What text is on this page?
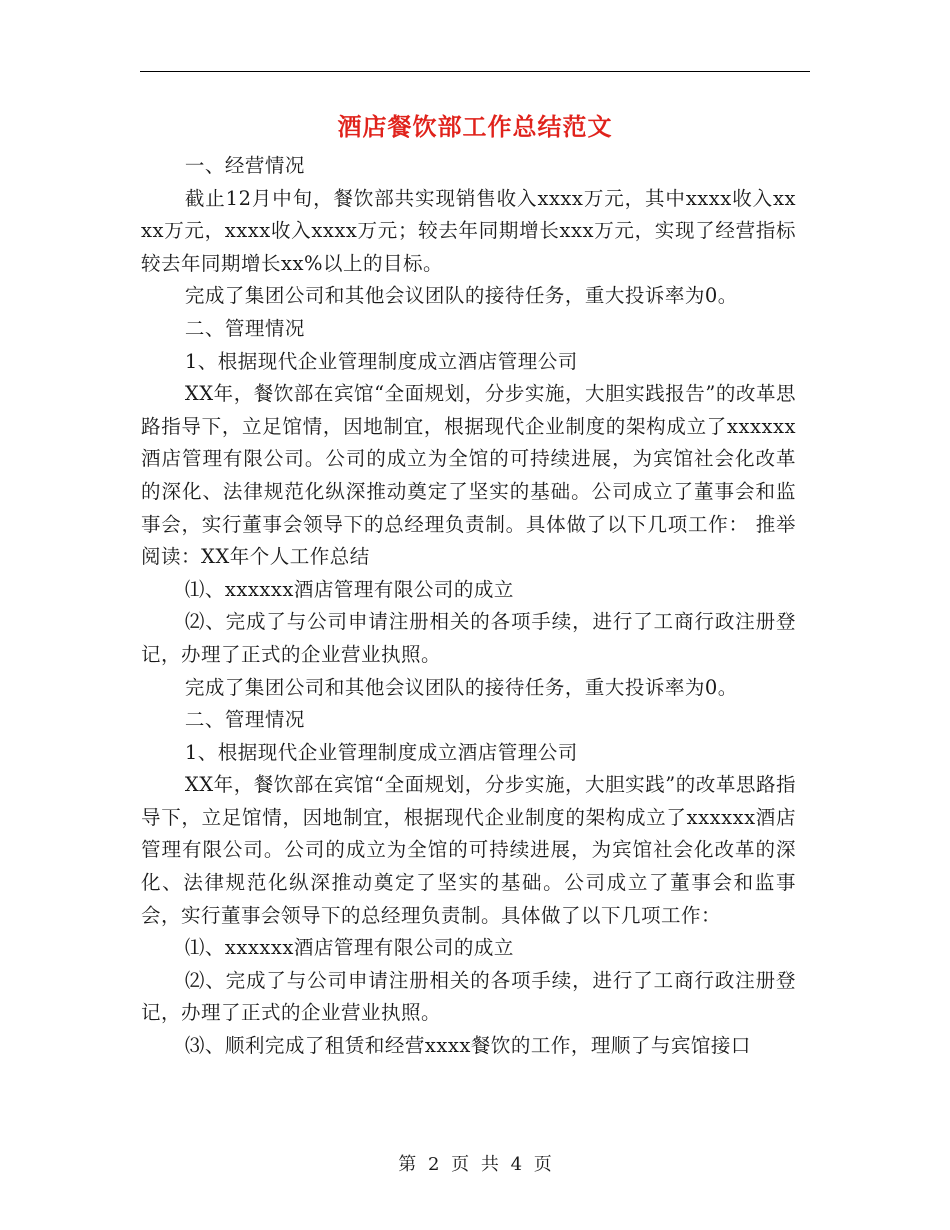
酒店餐饮部工作总结范文

一、经营情况

截止12月中旬，餐饮部共实现销售收入xxxx万元，其中xxxx收入xxxx万元，xxxx收入xxxx万元；较去年同期增长xxx万元，实现了经营指标较去年同期增长xx%以上的目标。

完成了集团公司和其他会议团队的接待任务，重大投诉率为0。

二、管理情况

1、根据现代企业管理制度成立酒店管理公司

XX年，餐饮部在宾馆“全面规划，分步实施，大胆实践报告”的改革思路指导下，立足馆情，因地制宜，根据现代企业制度的架构成立了xxxxxx酒店管理有限公司。公司的成立为全馆的可持续进展，为宾馆社会化改革的深化、法律规范化纵深推动奠定了坚实的基础。公司成立了董事会和监事会，实行董事会领导下的总经理负责制。具体做了以下几项工作： 推举阅读：XX年个人工作总结

⑴、xxxxxx酒店管理有限公司的成立

⑵、完成了与公司申请注册相关的各项手续，进行了工商行政注册登记，办理了正式的企业营业执照。

完成了集团公司和其他会议团队的接待任务，重大投诉率为0。

二、管理情况

1、根据现代企业管理制度成立酒店管理公司

XX年，餐饮部在宾馆“全面规划，分步实施，大胆实践”的改革思路指导下，立足馆情，因地制宜，根据现代企业制度的架构成立了xxxxxx酒店管理有限公司。公司的成立为全馆的可持续进展，为宾馆社会化改革的深化、法律规范化纵深推动奠定了坚实的基础。公司成立了董事会和监事会，实行董事会领导下的总经理负责制。具体做了以下几项工作：

⑴、xxxxxx酒店管理有限公司的成立

⑵、完成了与公司申请注册相关的各项手续，进行了工商行政注册登记，办理了正式的企业营业执照。

⑶、顺利完成了租赁和经营xxxx餐饮的工作，理顺了与宾馆接口

第 2 页 共 4 页
